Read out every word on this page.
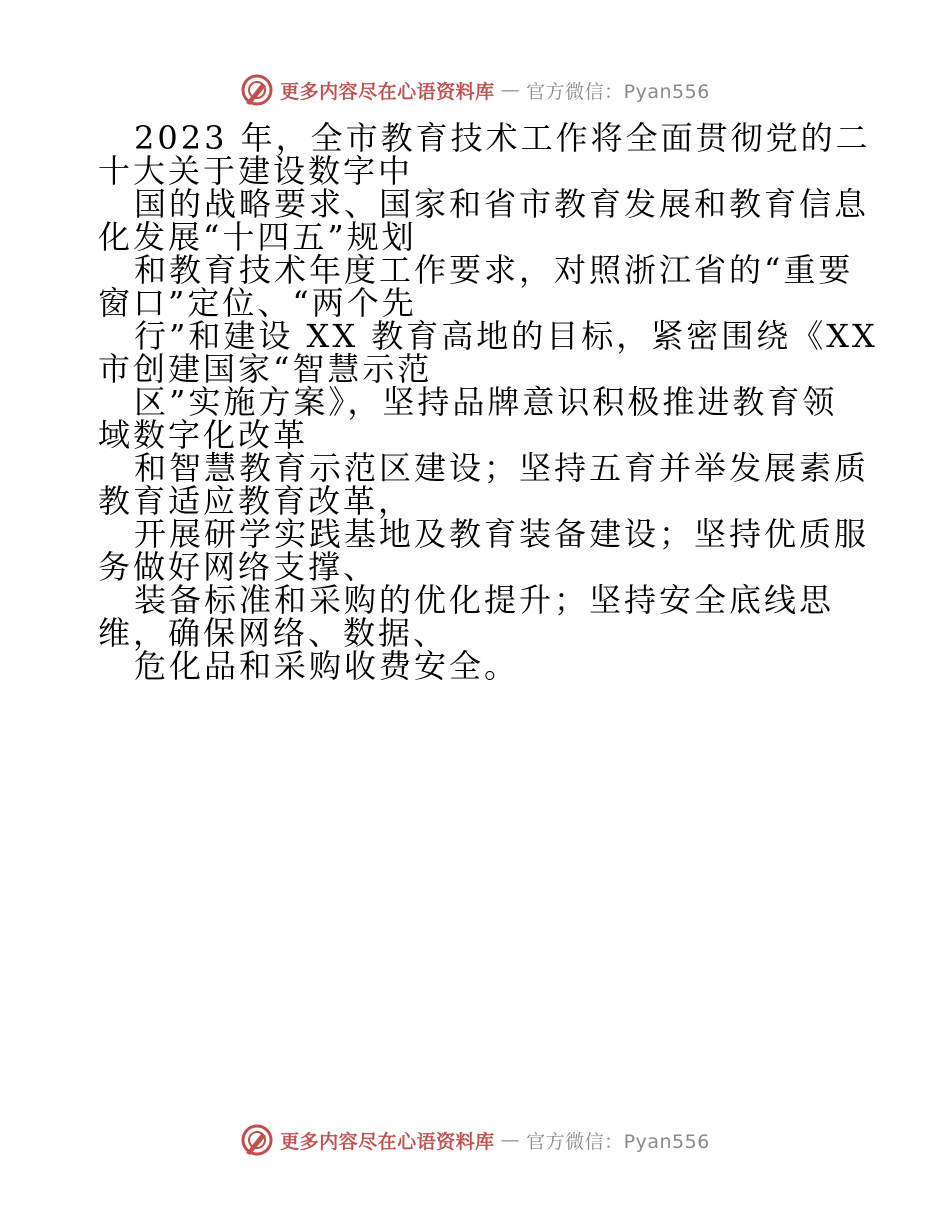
更多内容尽在心语资料库 — 官方微信：Pyan556

2023 年，全市教育技术工作将全面贯彻党的二
十大关于建设数字中

国的战略要求、国家和省市教育发展和教育信息
化发展“十四五”规划

和教育技术年度工作要求，对照浙江省的“重要
窗口”定位、“两个先

行”和建设 XX 教育高地的目标，紧密围绕《XX
市创建国家“智慧示范

区”实施方案》，坚持品牌意识积极推进教育领
域数字化改革

和智慧教育示范区建设；坚持五育并举发展素质
教育适应教育改革，

开展研学实践基地及教育装备建设；坚持优质服
务做好网络支撑、

装备标准和采购的优化提升；坚持安全底线思
维，确保网络、数据、

危化品和采购收费安全。

更多内容尽在心语资料库 — 官方微信：Pyan556
